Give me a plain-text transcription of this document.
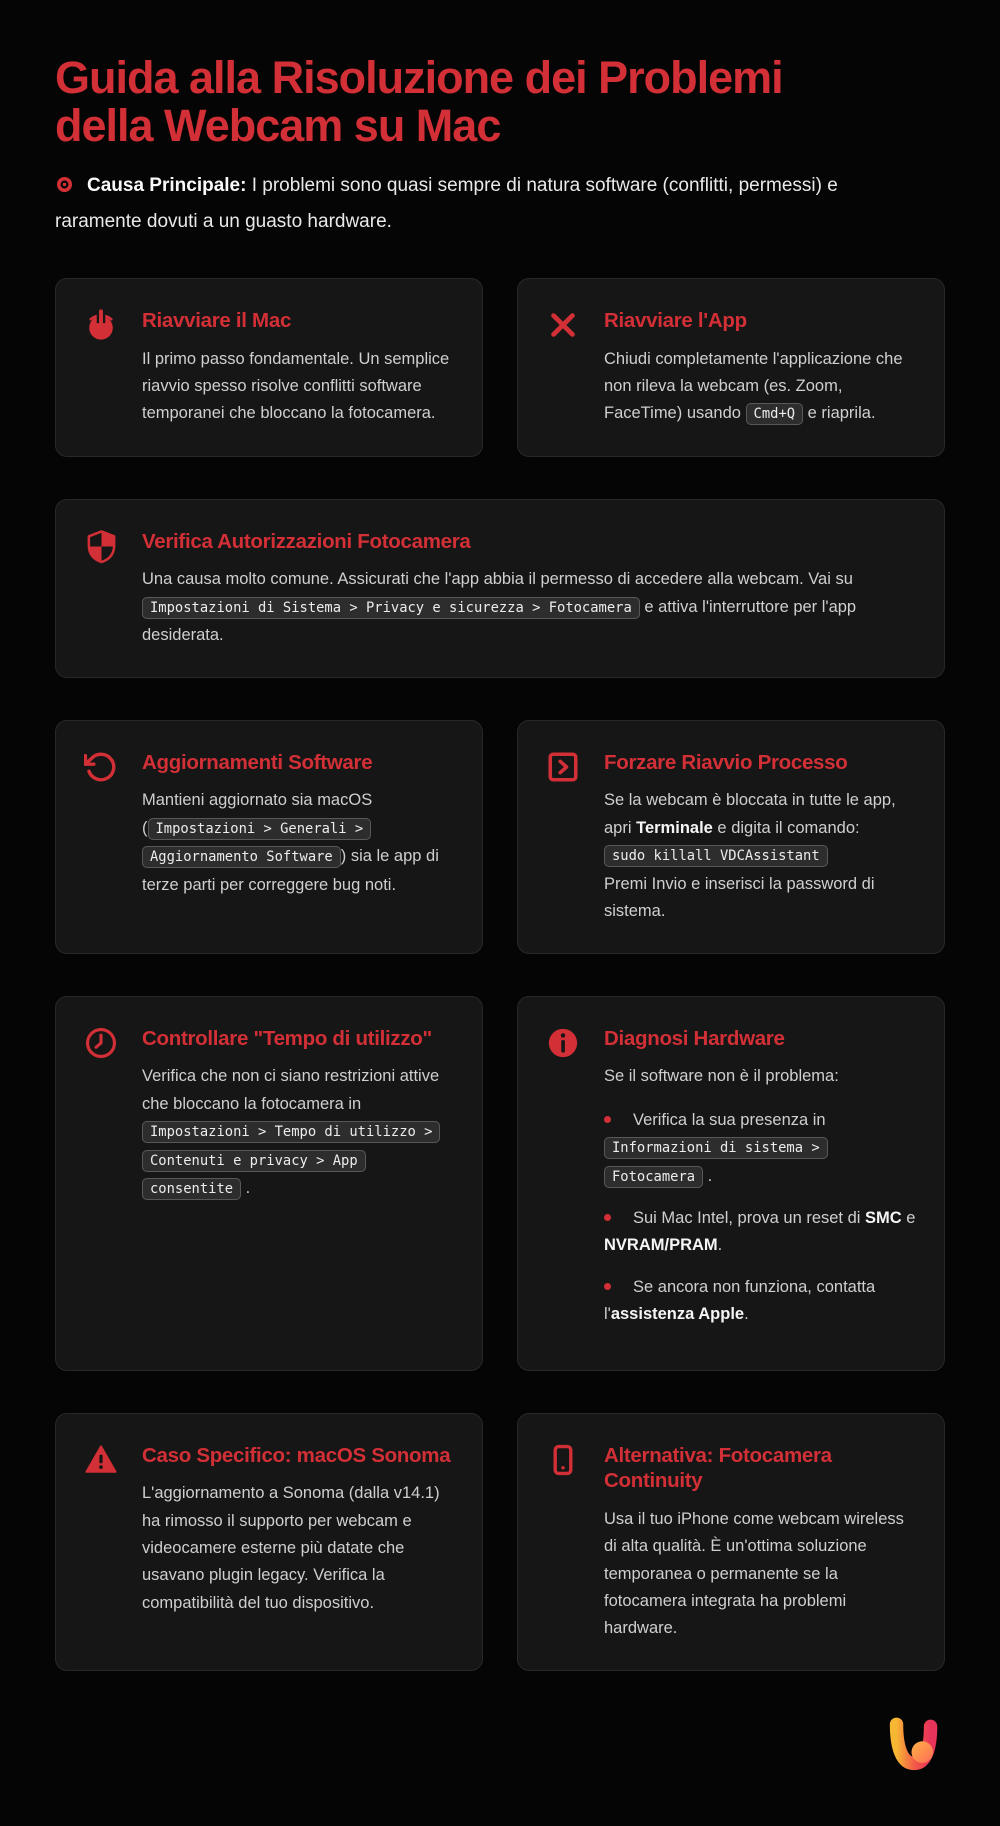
Guida alla Risoluzione dei Problemi della Webcam su Mac

Causa Principale: I problemi sono quasi sempre di natura software (conflitti, permessi) e raramente dovuti a un guasto hardware.

Riavviare il Mac
Il primo passo fondamentale. Un semplice riavvio spesso risolve conflitti software temporanei che bloccano la fotocamera.
Riavviare l'App
Chiudi completamente l'applicazione che non rileva la webcam (es. Zoom, FaceTime) usando Cmd+Q e riaprila.
Verifica Autorizzazioni Fotocamera
Una causa molto comune. Assicurati che l'app abbia il permesso di accedere alla webcam. Vai su Impostazioni di Sistema > Privacy e sicurezza > Fotocamera e attiva l'interruttore per l'app desiderata.
Aggiornamenti Software
Mantieni aggiornato sia macOS ( Impostazioni > Generali > Aggiornamento Software ) sia le app di terze parti per correggere bug noti.
Forzare Riavvio Processo
Se la webcam è bloccata in tutte le app, apri Terminale e digita il comando:
sudo killall VDCAssistant
Premi Invio e inserisci la password di sistema.
Controllare "Tempo di utilizzo"
Verifica che non ci siano restrizioni attive che bloccano la fotocamera in Impostazioni > Tempo di utilizzo > Contenuti e privacy > App consentite .
Diagnosi Hardware
Se il software non è il problema:
Verifica la sua presenza in Informazioni di sistema > Fotocamera .
Sui Mac Intel, prova un reset di SMC e NVRAM/PRAM.
Se ancora non funziona, contatta l'assistenza Apple.
Caso Specifico: macOS Sonoma
L'aggiornamento a Sonoma (dalla v14.1) ha rimosso il supporto per webcam e videocamere esterne più datate che usavano plugin legacy. Verifica la compatibilità del tuo dispositivo.
Alternativa: Fotocamera Continuity
Usa il tuo iPhone come webcam wireless di alta qualità. È un'ottima soluzione temporanea o permanente se la fotocamera integrata ha problemi hardware.
